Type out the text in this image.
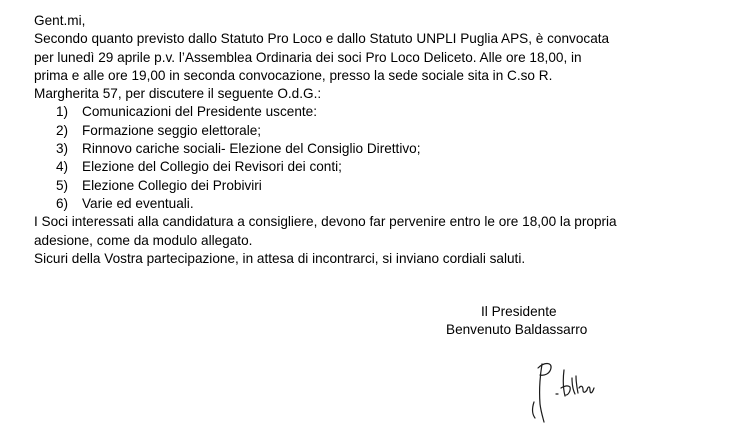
Gent.mi,
Secondo quanto previsto dallo Statuto Pro Loco e dallo Statuto UNPLI Puglia APS, è convocata
per lunedì 29 aprile p.v. l’Assemblea Ordinaria dei soci Pro Loco Deliceto. Alle ore 18,00, in
prima e alle ore 19,00 in seconda convocazione, presso la sede sociale sita in C.so R.
Margherita 57, per discutere il seguente O.d.G.:
1) Comunicazioni del Presidente uscente:
2) Formazione seggio elettorale;
3) Rinnovo cariche sociali- Elezione del Consiglio Direttivo;
4) Elezione del Collegio dei Revisori dei conti;
5) Elezione Collegio dei Probiviri
6) Varie ed eventuali.
I Soci interessati alla candidatura a consigliere, devono far pervenire entro le ore 18,00 la propria
adesione, come da modulo allegato.
Sicuri della Vostra partecipazione, in attesa di incontrarci, si inviano cordiali saluti.
Il Presidente
Benvenuto Baldassarro
